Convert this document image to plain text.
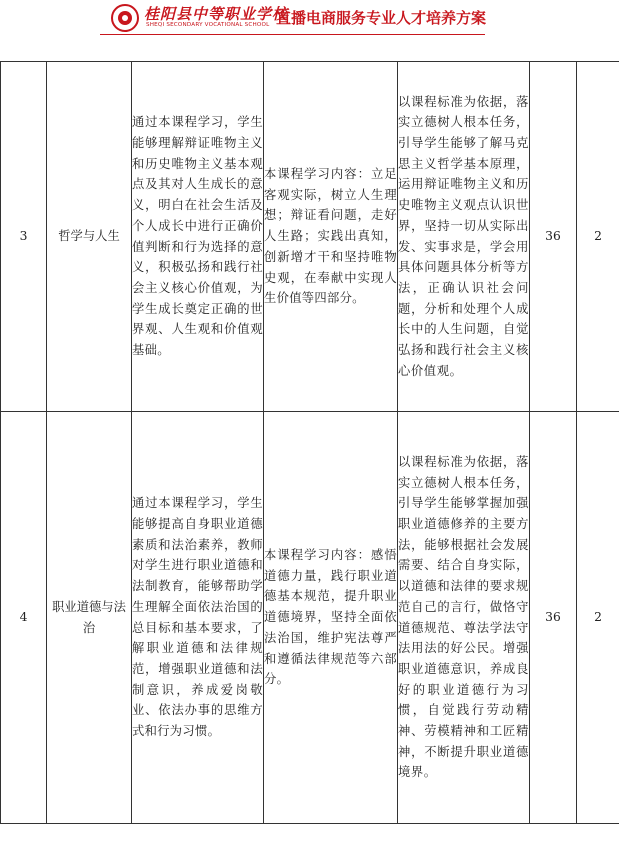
桂阳县中等职业学校
SHEQI SECONDARY VOCATIONAL SCHOOL 直播电商服务专业人才培养方案
3	哲学与人生	通过本课程学习，学生能够理解辩证唯物主义和历史唯物主义基本观点及其对人生成长的意义，明白在社会生活及个人成长中进行正确价值判断和行为选择的意义，积极弘扬和践行社会主义核心价值观，为学生成长奠定正确的世界观、人生观和价值观基础。	本课程学习内容：立足客观实际，树立人生理想；辩证看问题，走好人生路；实践出真知，创新增才干和坚持唯物史观，在奉献中实现人生价值等四部分。	以课程标准为依据，落实立德树人根本任务，引导学生能够了解马克思主义哲学基本原理，运用辩证唯物主义和历史唯物主义观点认识世界，坚持一切从实际出发、实事求是，学会用具体问题具体分析等方法，正确认识社会问题，分析和处理个人成长中的人生问题，自觉弘扬和践行社会主义核心价值观。	36	2
4	职业道德与法治	通过本课程学习，学生能够提高自身职业道德素质和法治素养，教师对学生进行职业道德和法制教育，能够帮助学生理解全面依法治国的总目标和基本要求，了解职业道德和法律规范，增强职业道德和法制意识，养成爱岗敬业、依法办事的思维方式和行为习惯。	本课程学习内容：感悟道德力量，践行职业道德基本规范，提升职业道德境界，坚持全面依法治国，维护宪法尊严和遵循法律规范等六部分。	以课程标准为依据，落实立德树人根本任务，引导学生能够掌握加强职业道德修养的主要方法，能够根据社会发展需要、结合自身实际，以道德和法律的要求规范自己的言行，做恪守道德规范、尊法学法守法用法的好公民。增强职业道德意识，养成良好的职业道德行为习惯，自觉践行劳动精神、劳模精神和工匠精神，不断提升职业道德境界。	36	2
